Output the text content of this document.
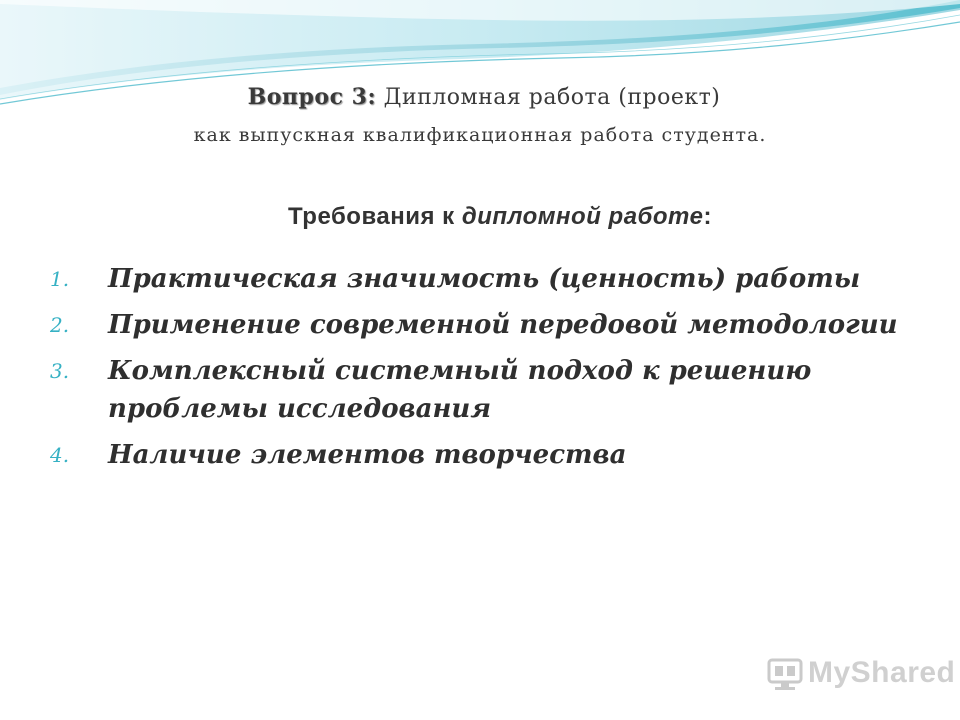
Вопрос 3: Дипломная работа (проект)
как выпускная квалификационная работа студента.
Требования к дипломной работе:
1. Практическая значимость (ценность) работы
2. Применение современной передовой методологии
3. Комплексный системный подход к решению проблемы исследования
4. Наличие элементов творчества
MyShared
